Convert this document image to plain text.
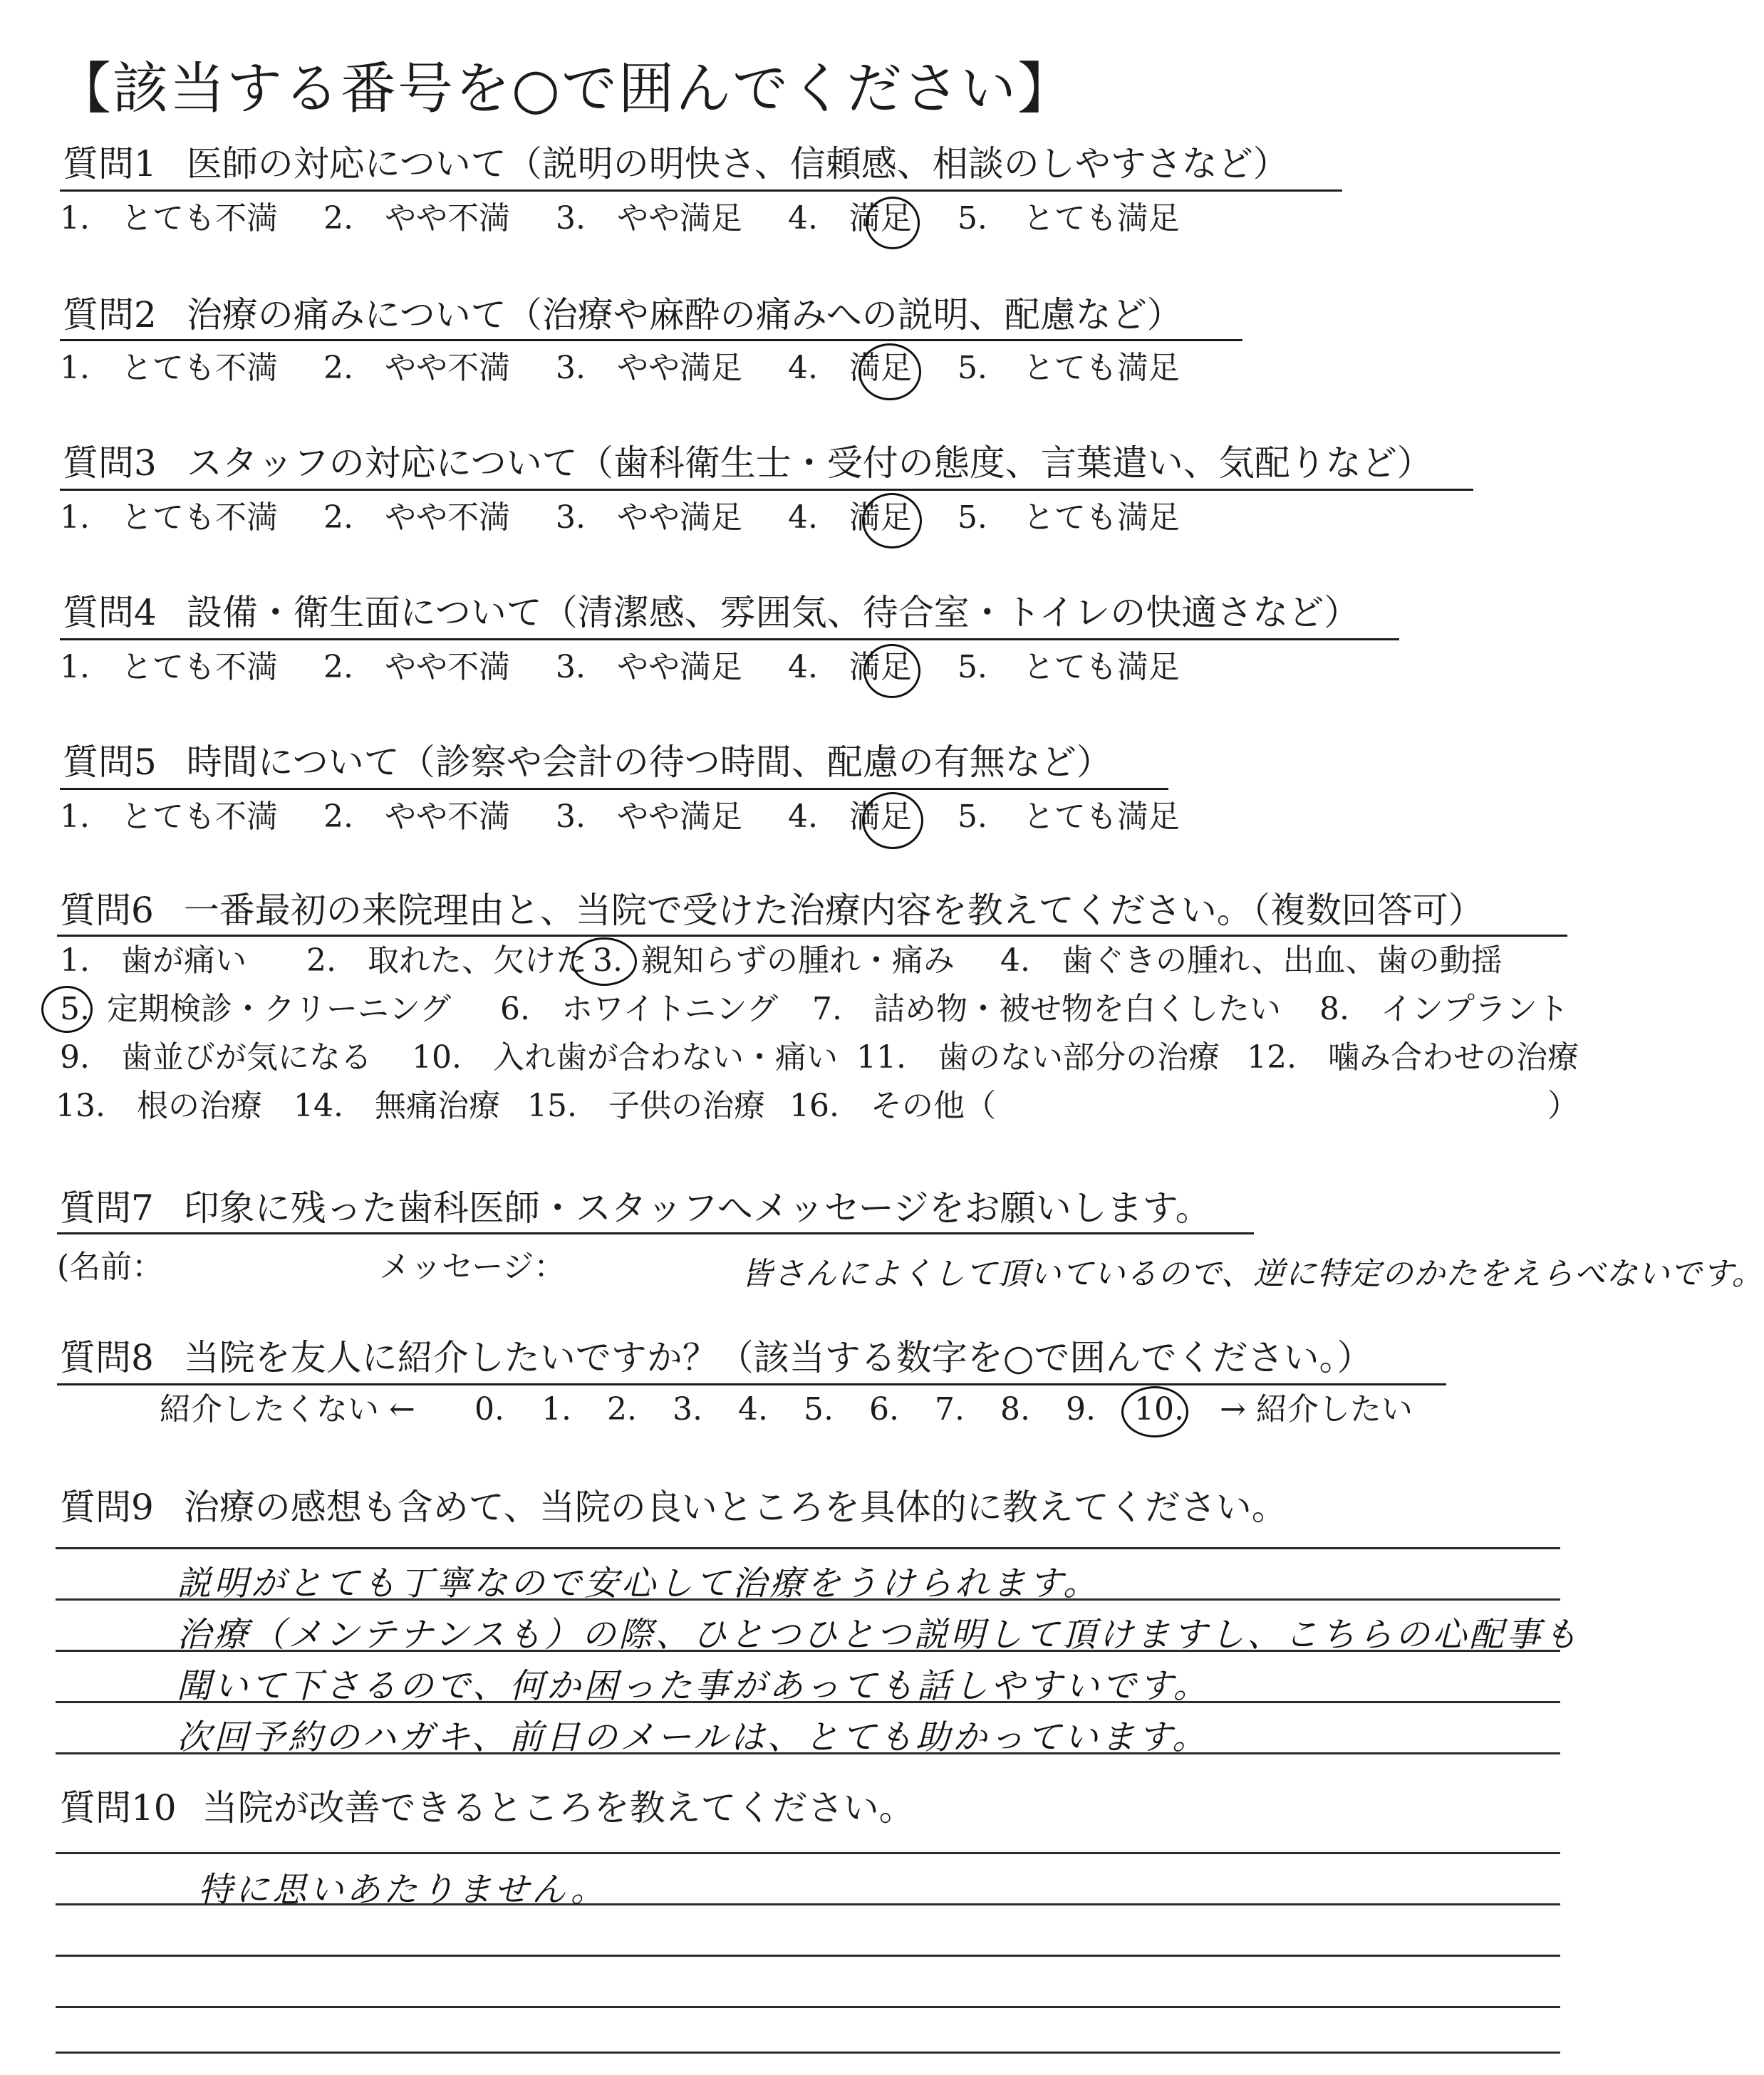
【該当する番号を○で囲んでください】
質問1 医師の対応について（説明の明快さ、信頼感、相談のしやすさなど）
1.　とても不満 2.　やや不満 3.　やや満足 4.　満足 5. とても満足
質問2 治療の痛みについて（治療や麻酔の痛みへの説明、配慮など）
1.　とても不満 2.　やや不満 3.　やや満足 4.　満足 5. とても満足
質問3 スタッフの対応について（歯科衛生士・受付の態度、言葉遣い、気配りなど）
1.　とても不満 2.　やや不満 3.　やや満足 4.　満足 5. とても満足
質問4 設備・衛生面について（清潔感、雰囲気、待合室・トイレの快適さなど）
1.　とても不満 2.　やや不満 3.　やや満足 4.　満足 5. とても満足
質問5 時間について（診察や会計の待つ時間、配慮の有無など）
1.　とても不満 2.　やや不満 3.　やや満足 4.　満足 5. とても満足
質問6 一番最初の来院理由と、当院で受けた治療内容を教えてください。（複数回答可）
1.　歯が痛い 2.　取れた、欠けた 3. 親知らずの腫れ・痛み 4.　歯ぐきの腫れ、出血、歯の動揺
5. 定期検診・クリーニング 6.　ホワイトニング 7.　詰め物・被せ物を白くしたい 8.　インプラント
9.　歯並びが気になる 10.　入れ歯が合わない・痛い 11.　歯のない部分の治療 12.　噛み合わせの治療
13.　根の治療 14.　無痛治療 15.　子供の治療 16.　その他（	）
質問7 印象に残った歯科医師・スタッフへメッセージをお願いします。
(名前：	メッセージ：	皆さんによくして頂いているので、逆に特定のかたをえらべないです。
質問8 当院を友人に紹介したいですか？（該当する数字を○で囲んでください。）
紹介したくない ← 0. 1. 2. 3. 4. 5. 6. 7. 8. 9. 10. → 紹介したい
質問9 治療の感想も含めて、当院の良いところを具体的に教えてください。
説明がとても丁寧なので安心して治療をうけられます。
治療（メンテナンスも）の際、ひとつひとつ説明して頂けますし、こちらの心配事も
聞いて下さるので、何か困った事があっても話しやすいです。
次回予約のハガキ、前日のメールは、とても助かっています。
質問10 当院が改善できるところを教えてください。
特に思いあたりません。
